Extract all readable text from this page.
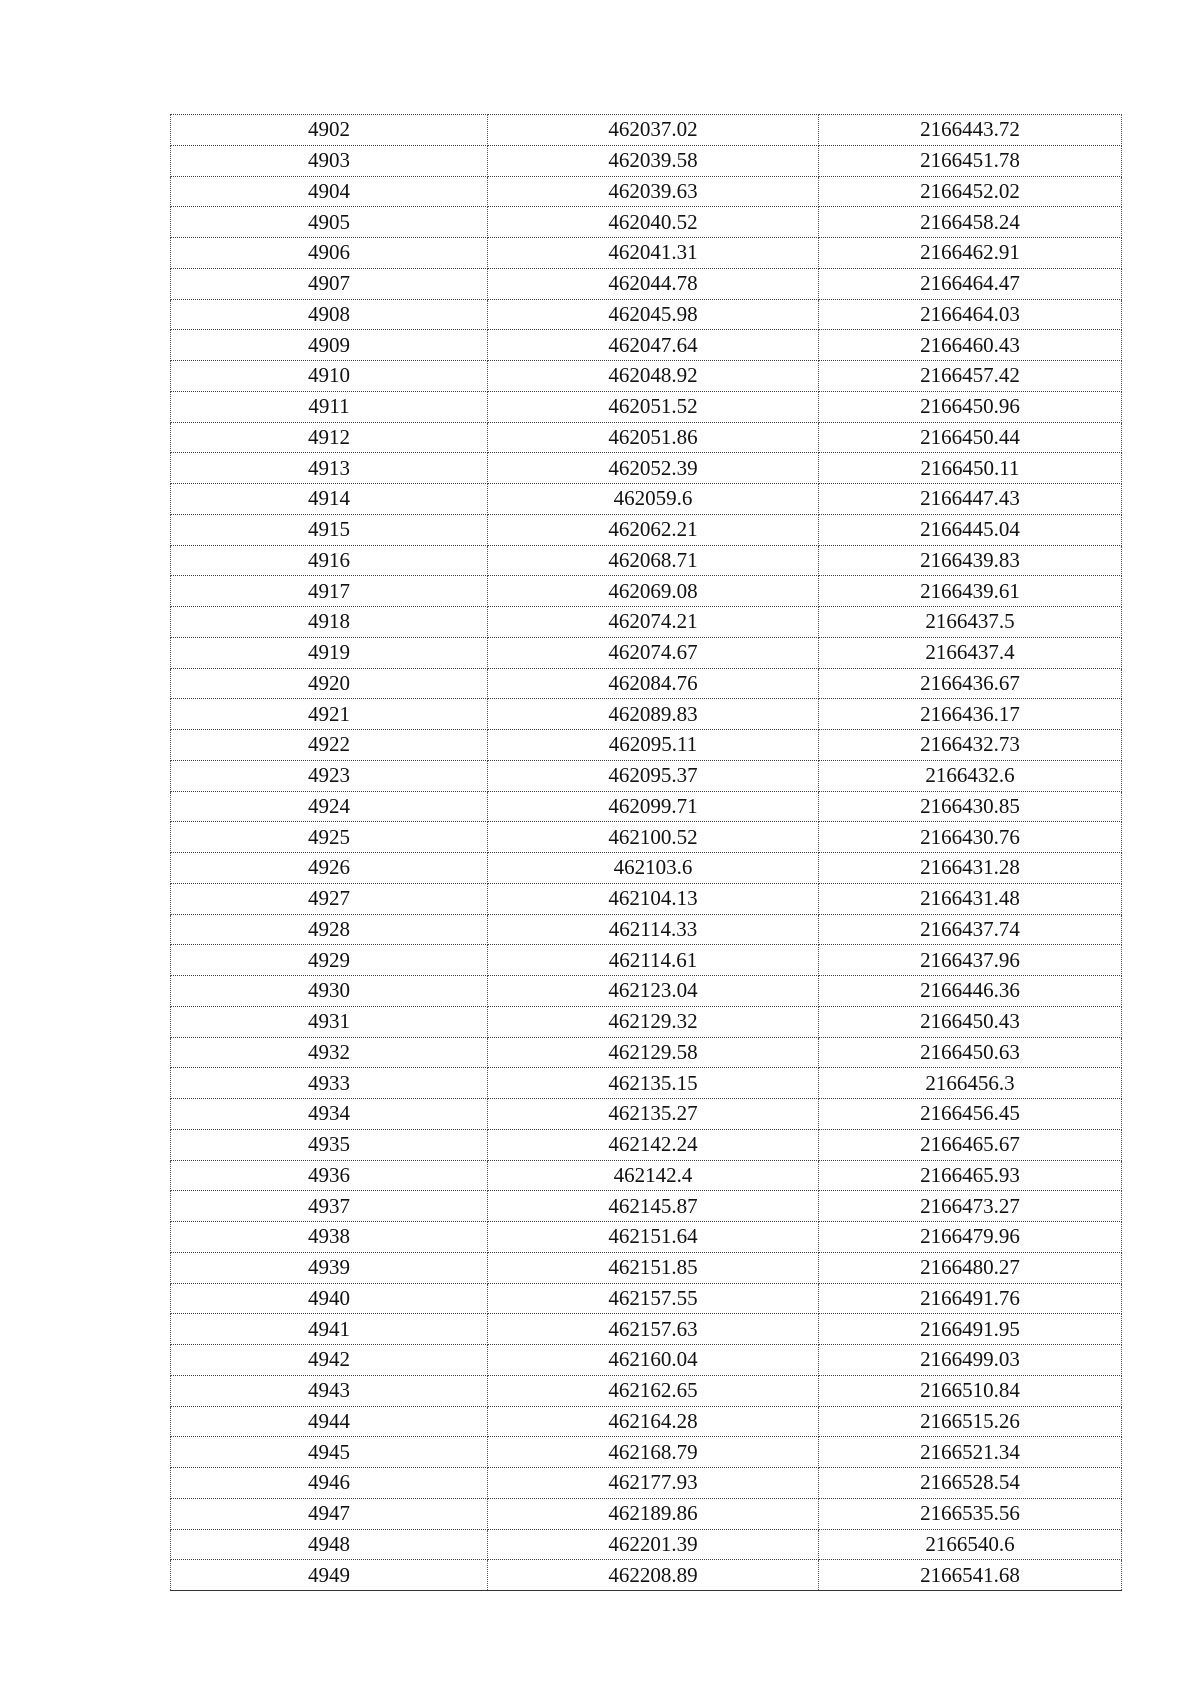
4902	462037.02	2166443.72
4903	462039.58	2166451.78
4904	462039.63	2166452.02
4905	462040.52	2166458.24
4906	462041.31	2166462.91
4907	462044.78	2166464.47
4908	462045.98	2166464.03
4909	462047.64	2166460.43
4910	462048.92	2166457.42
4911	462051.52	2166450.96
4912	462051.86	2166450.44
4913	462052.39	2166450.11
4914	462059.6	2166447.43
4915	462062.21	2166445.04
4916	462068.71	2166439.83
4917	462069.08	2166439.61
4918	462074.21	2166437.5
4919	462074.67	2166437.4
4920	462084.76	2166436.67
4921	462089.83	2166436.17
4922	462095.11	2166432.73
4923	462095.37	2166432.6
4924	462099.71	2166430.85
4925	462100.52	2166430.76
4926	462103.6	2166431.28
4927	462104.13	2166431.48
4928	462114.33	2166437.74
4929	462114.61	2166437.96
4930	462123.04	2166446.36
4931	462129.32	2166450.43
4932	462129.58	2166450.63
4933	462135.15	2166456.3
4934	462135.27	2166456.45
4935	462142.24	2166465.67
4936	462142.4	2166465.93
4937	462145.87	2166473.27
4938	462151.64	2166479.96
4939	462151.85	2166480.27
4940	462157.55	2166491.76
4941	462157.63	2166491.95
4942	462160.04	2166499.03
4943	462162.65	2166510.84
4944	462164.28	2166515.26
4945	462168.79	2166521.34
4946	462177.93	2166528.54
4947	462189.86	2166535.56
4948	462201.39	2166540.6
4949	462208.89	2166541.68
